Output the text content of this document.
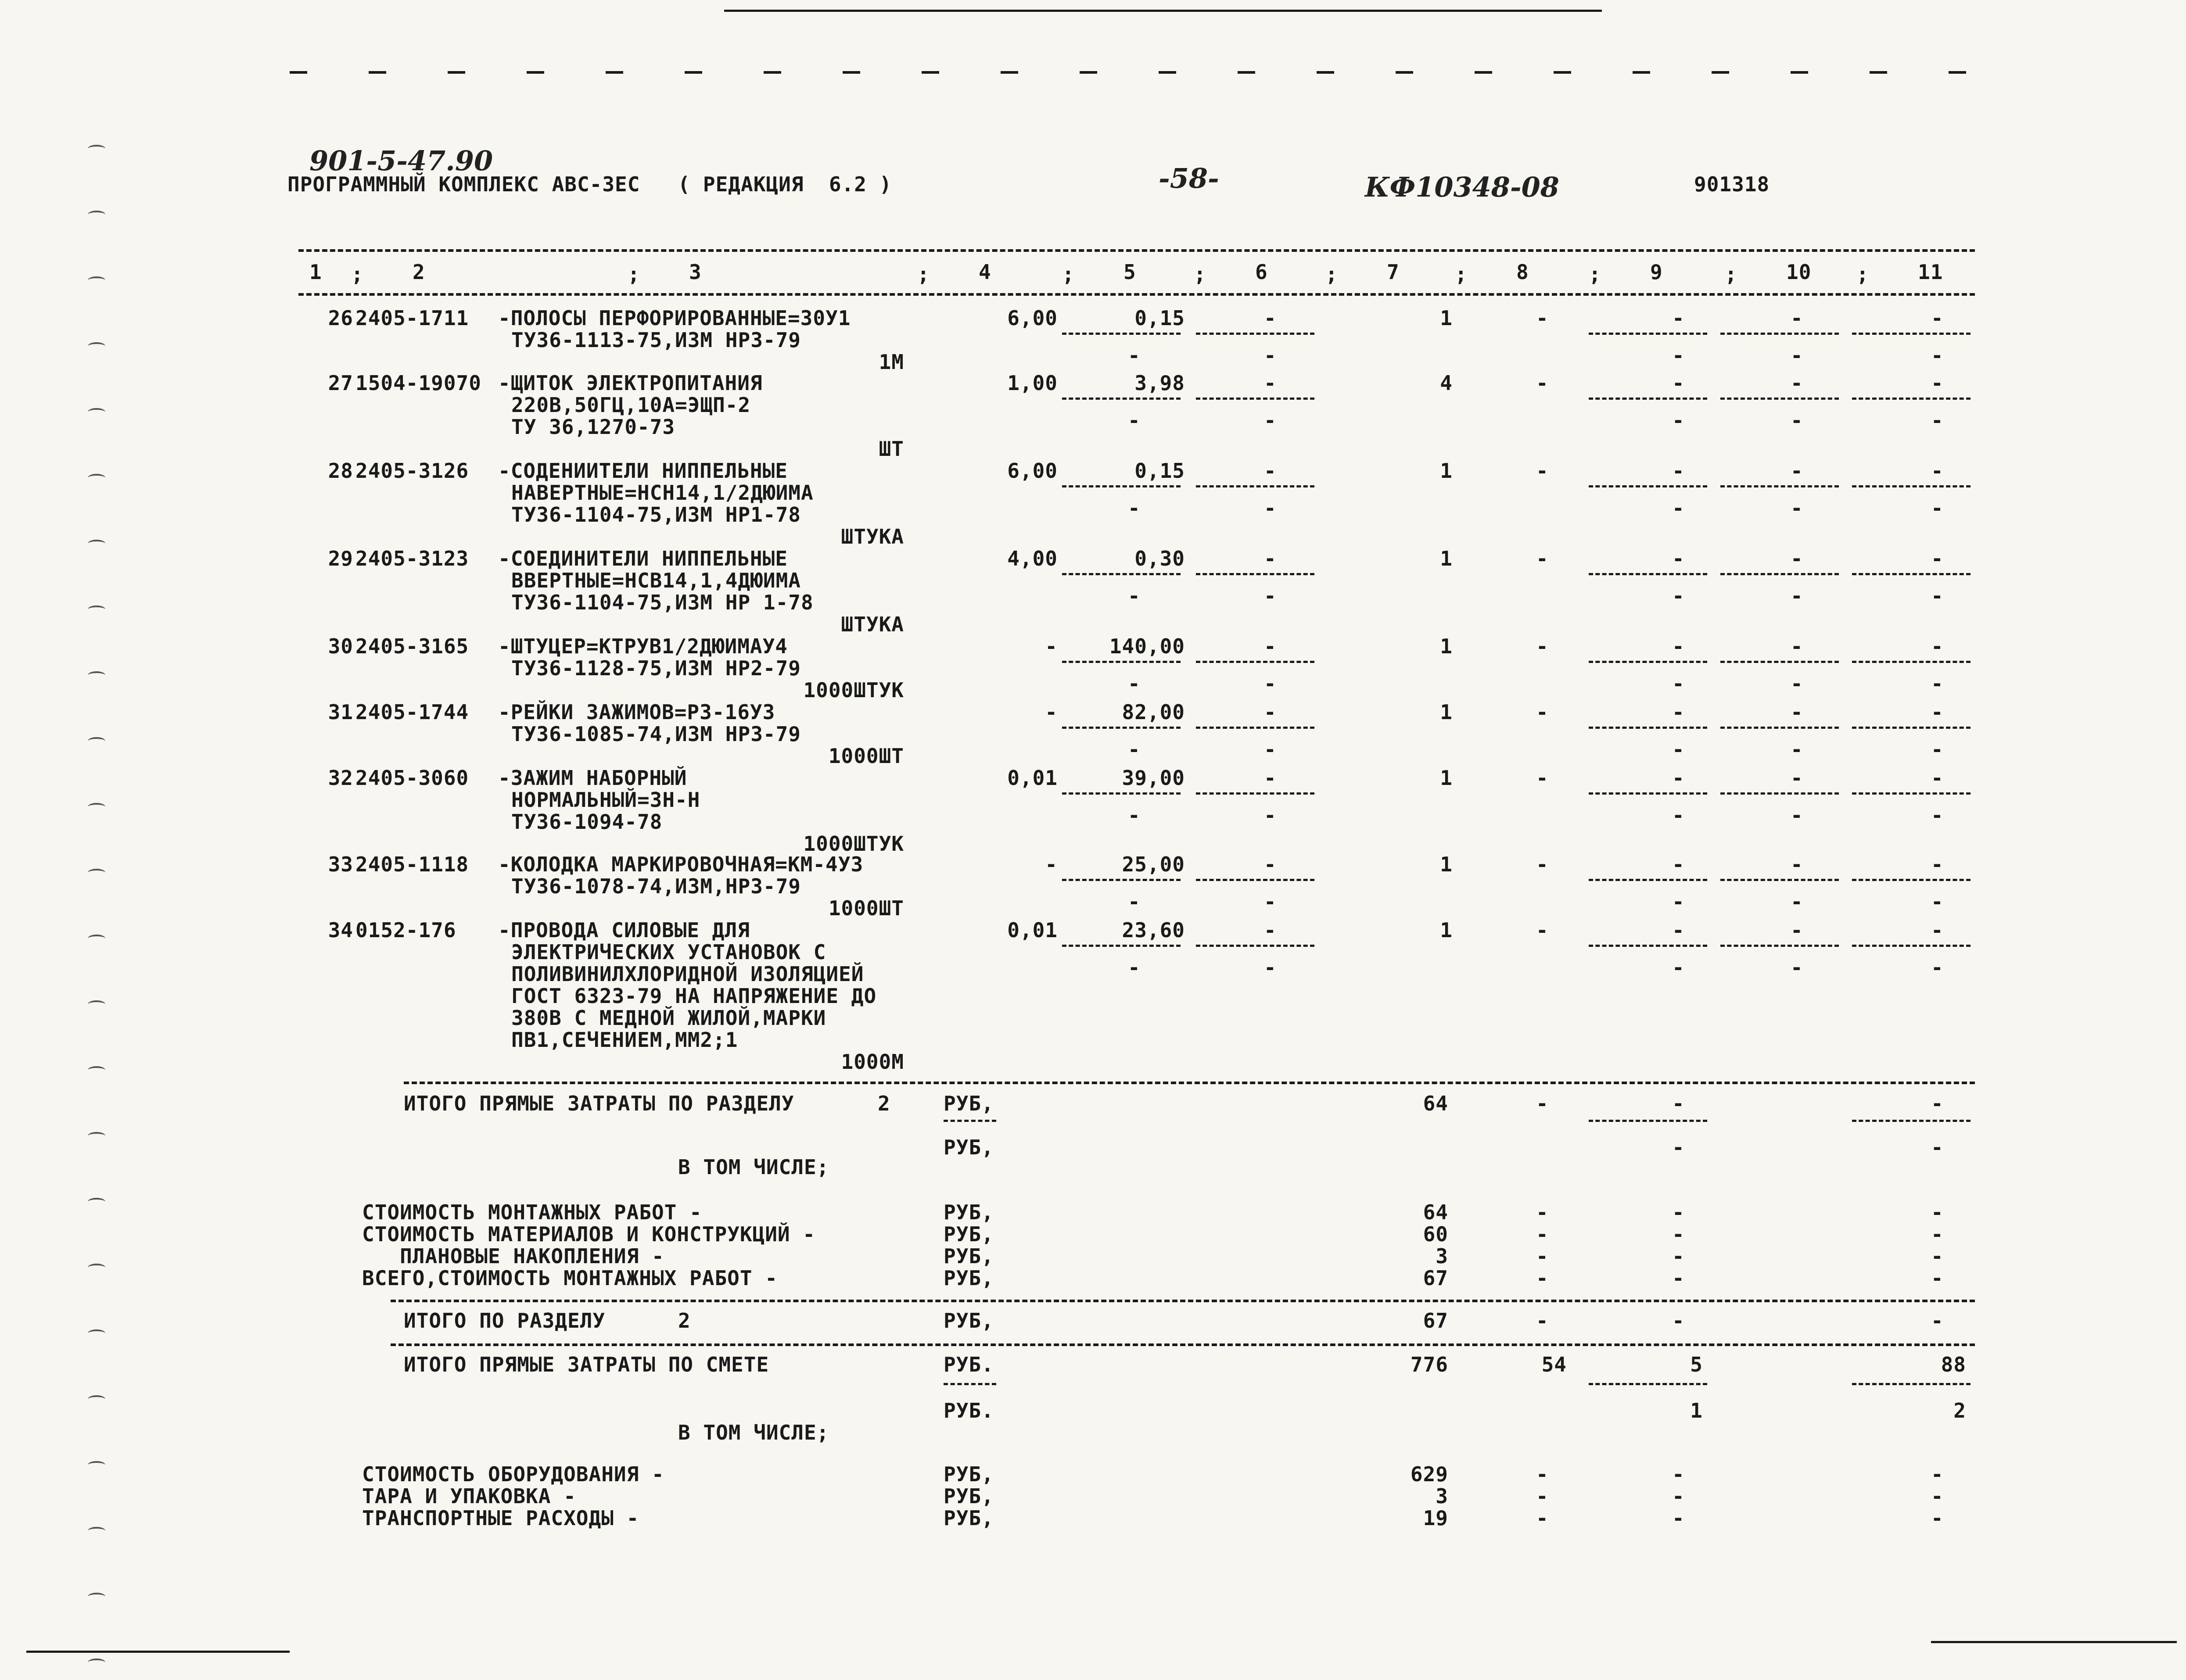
901-5-47.90
ПРОГРАММНЫЙ КОМПЛЕКС АВС-ЗЕС   ( РЕДАКЦИЯ  6.2 )	-58-	КФ10348-08	901318
1 ; 2	; 3	; 4	; 5	; 6	; 7	; 8	; 9	; 10 ; 11
26 2405-1711 -ПОЛОСЫ ПЕРФОРИРОВАННЫЕ=30У1
ТУ36-1113-75,ИЗМ НР3-79
1М
6,00	0,15	-	1	-	-	-	-
-	-	-	-	-
27 1504-19070 -ЩИТОК ЭЛЕКТРОПИТАНИЯ
220В,50ГЦ,10А=ЭЩП-2
ТУ 36,1270-73
ШТ
1,00	3,98	-	4	-	-	-	-
-	-	-	-	-
28 2405-3126 -СОДЕНИИТЕЛИ НИППЕЛЬНЫЕ
НАВЕРТНЫЕ=НСН14,1/2ДЮИМА
ТУ36-1104-75,ИЗМ НР1-78
ШТУКА
6,00	0,15	-	1	-	-	-	-
-	-	-	-	-
29 2405-3123 -СОЕДИНИТЕЛИ НИППЕЛЬНЫЕ
ВВЕРТНЫЕ=НСВ14,1,4ДЮИМА
ТУ36-1104-75,ИЗМ НР 1-78
ШТУКА
4,00	0,30	-	1	-	-	-	-
-	-	-	-	-
30 2405-3165 -ШТУЦЕР=КТРУВ1/2ДЮИМАУ4
ТУ36-1128-75,ИЗМ НР2-79
1000ШТУК
-	140,00	-	1	-	-	-	-
-	-	-	-	-
31 2405-1744 -РЕЙКИ ЗАЖИМОВ=Р3-16У3
ТУ36-1085-74,ИЗМ НР3-79
1000ШТ
-	82,00	-	1	-	-	-	-
-	-	-	-	-
32 2405-3060 -ЗАЖИМ НАБОРНЫЙ
НОРМАЛЬНЫЙ=ЗН-Н
ТУ36-1094-78
1000ШТУК
0,01	39,00	-	1	-	-	-	-
-	-	-	-	-
33 2405-1118 -КОЛОДКА МАРКИРОВОЧНАЯ=КМ-4У3
ТУ36-1078-74,ИЗМ,НР3-79
1000ШТ
-	25,00	-	1	-	-	-	-
-	-	-	-	-
34 0152-176 -ПРОВОДА СИЛОВЫЕ ДЛЯ
ЭЛЕКТРИЧЕСКИХ УСТАНОВОК С
ПОЛИВИНИЛХЛОРИДНОЙ ИЗОЛЯЦИЕЙ
ГОСТ 6323-79 НА НАПРЯЖЕНИЕ ДО
380В С МЕДНОЙ ЖИЛОЙ,МАРКИ
ПВ1,СЕЧЕНИЕМ,ММ2;1
1000М
0,01	23,60	-	1	-	-	-	-
-	-	-	-	-
ИТОГО ПРЯМЫЕ ЗАТРАТЫ ПО РАЗДЕЛУ	2	РУБ,	64	-	-	-
РУБ,	-	-
В ТОМ ЧИСЛЕ;
СТОИМОСТЬ МОНТАЖНЫХ РАБОТ -	РУБ,	64	-	-	-
СТОИМОСТЬ МАТЕРИАЛОВ И КОНСТРУКЦИЙ -	РУБ,	60	-	-	-
ПЛАНОВЫЕ НАКОПЛЕНИЯ -	РУБ,	3	-	-	-
ВСЕГО,СТОИМОСТЬ МОНТАЖНЫХ РАБОТ -	РУБ,	67	-	-	-
ИТОГО ПО РАЗДЕЛУ	2	РУБ,	67	-	-	-
ИТОГО ПРЯМЫЕ ЗАТРАТЫ ПО СМЕТЕ	РУБ.	776	54	5	88
РУБ.	1	2
В ТОМ ЧИСЛЕ;
СТОИМОСТЬ ОБОРУДОВАНИЯ -	РУБ,	629	-	-	-
ТАРА И УПАКОВКА -	РУБ,	3	-	-	-
ТРАНСПОРТНЫЕ РАСХОДЫ -	РУБ,	19	-	-	-
